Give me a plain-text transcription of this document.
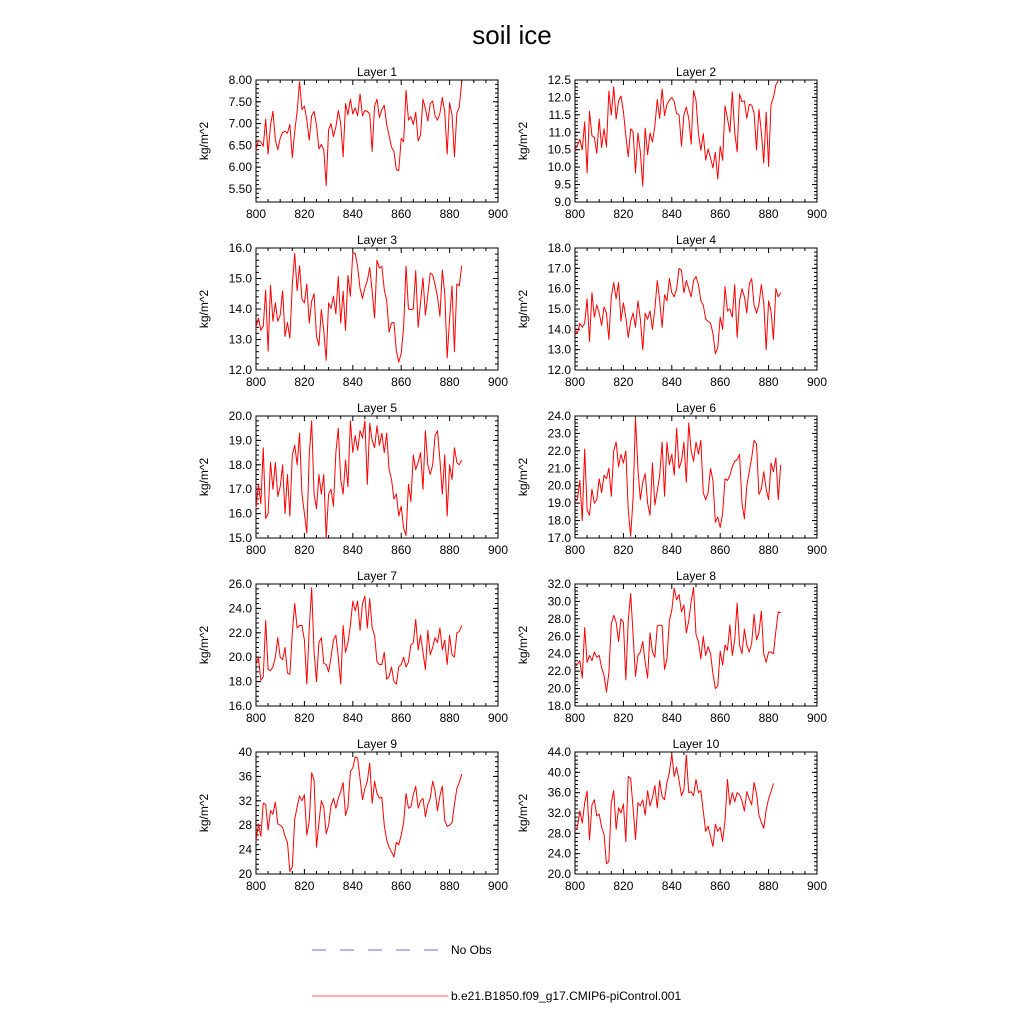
soil ice
Layer 1
800 820 840 860 880 900
5.50
6.00
6.50
7.00
7.50
8.00
kg/m^2
Layer 2
800 820 840 860 880 900
9.0
9.5
10.0
10.5
11.0
11.5
12.0
12.5
kg/m^2
Layer 3
800 820 840 860 880 900
12.0
13.0
14.0
15.0
16.0
kg/m^2
Layer 4
800 820 840 860 880 900
12.0
13.0
14.0
15.0
16.0
17.0
18.0
kg/m^2
Layer 5
800 820 840 860 880 900
15.0
16.0
17.0
18.0
19.0
20.0
kg/m^2
Layer 6
800 820 840 860 880 900
17.0
18.0
19.0
20.0
21.0
22.0
23.0
24.0
kg/m^2
Layer 7
800 820 840 860 880 900
16.0
18.0
20.0
22.0
24.0
26.0
kg/m^2
Layer 8
800 820 840 860 880 900
18.0
20.0
22.0
24.0
26.0
28.0
30.0
32.0
kg/m^2
Layer 9
800 820 840 860 880 900
20
24
28
32
36
40
kg/m^2
Layer 10
800 820 840 860 880 900
20.0
24.0
28.0
32.0
36.0
40.0
44.0
kg/m^2
No Obs
b.e21.B1850.f09_g17.CMIP6-piControl.001
